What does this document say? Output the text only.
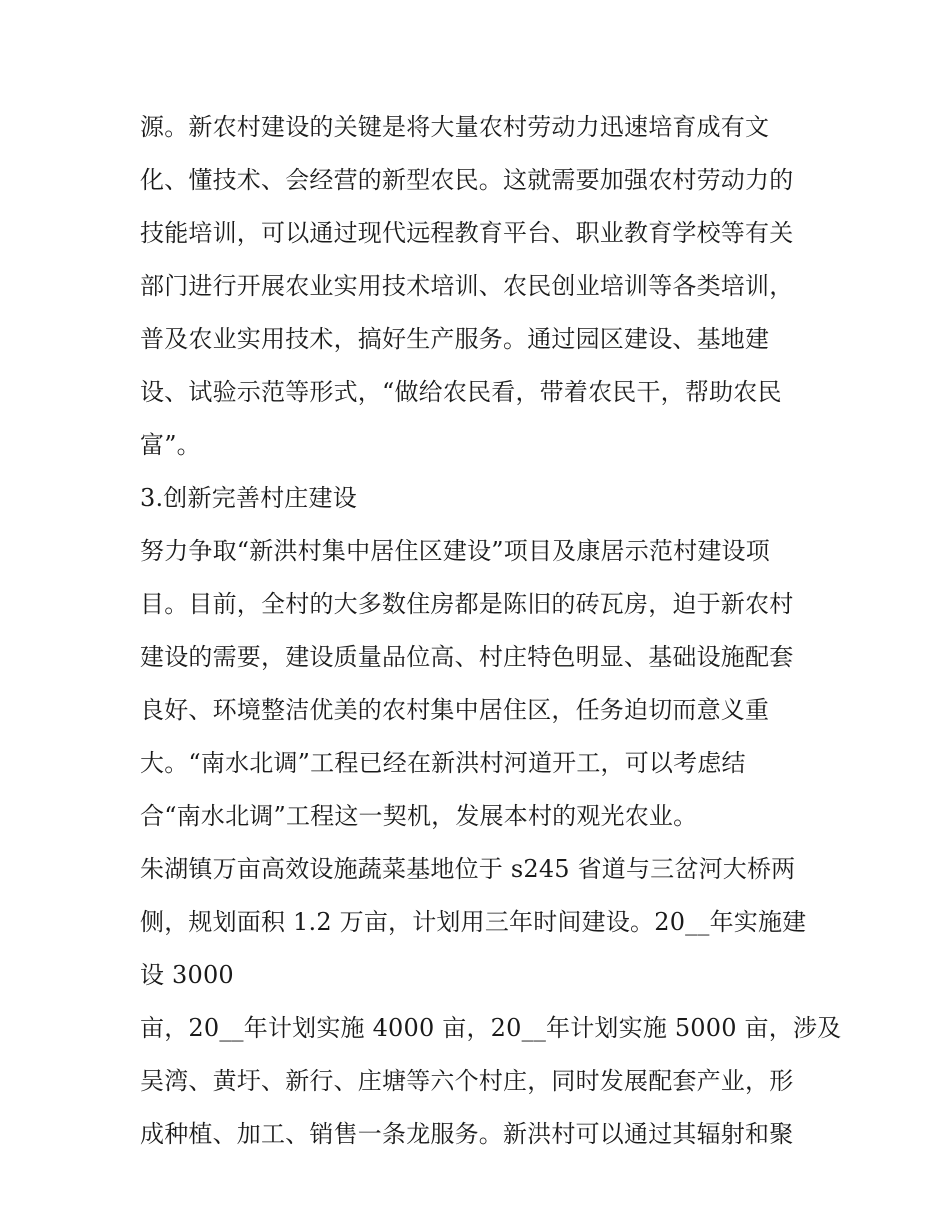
源。新农村建设的关键是将大量农村劳动力迅速培育成有文
化、懂技术、会经营的新型农民。这就需要加强农村劳动力的
技能培训，可以通过现代远程教育平台、职业教育学校等有关
部门进行开展农业实用技术培训、农民创业培训等各类培训，
普及农业实用技术，搞好生产服务。通过园区建设、基地建
设、试验示范等形式，“做给农民看，带着农民干，帮助农民
富”。
3.创新完善村庄建设
努力争取“新洪村集中居住区建设”项目及康居示范村建设项
目。目前，全村的大多数住房都是陈旧的砖瓦房，迫于新农村
建设的需要，建设质量品位高、村庄特色明显、基础设施配套
良好、环境整洁优美的农村集中居住区，任务迫切而意义重
大。“南水北调”工程已经在新洪村河道开工，可以考虑结
合“南水北调”工程这一契机，发展本村的观光农业。
朱湖镇万亩高效设施蔬菜基地位于 s245 省道与三岔河大桥两
侧，规划面积 1.2 万亩，计划用三年时间建设。20__年实施建
设 3000
亩，20__年计划实施 4000 亩，20__年计划实施 5000 亩，涉及
吴湾、黄圩、新行、庄塘等六个村庄，同时发展配套产业，形
成种植、加工、销售一条龙服务。新洪村可以通过其辐射和聚
